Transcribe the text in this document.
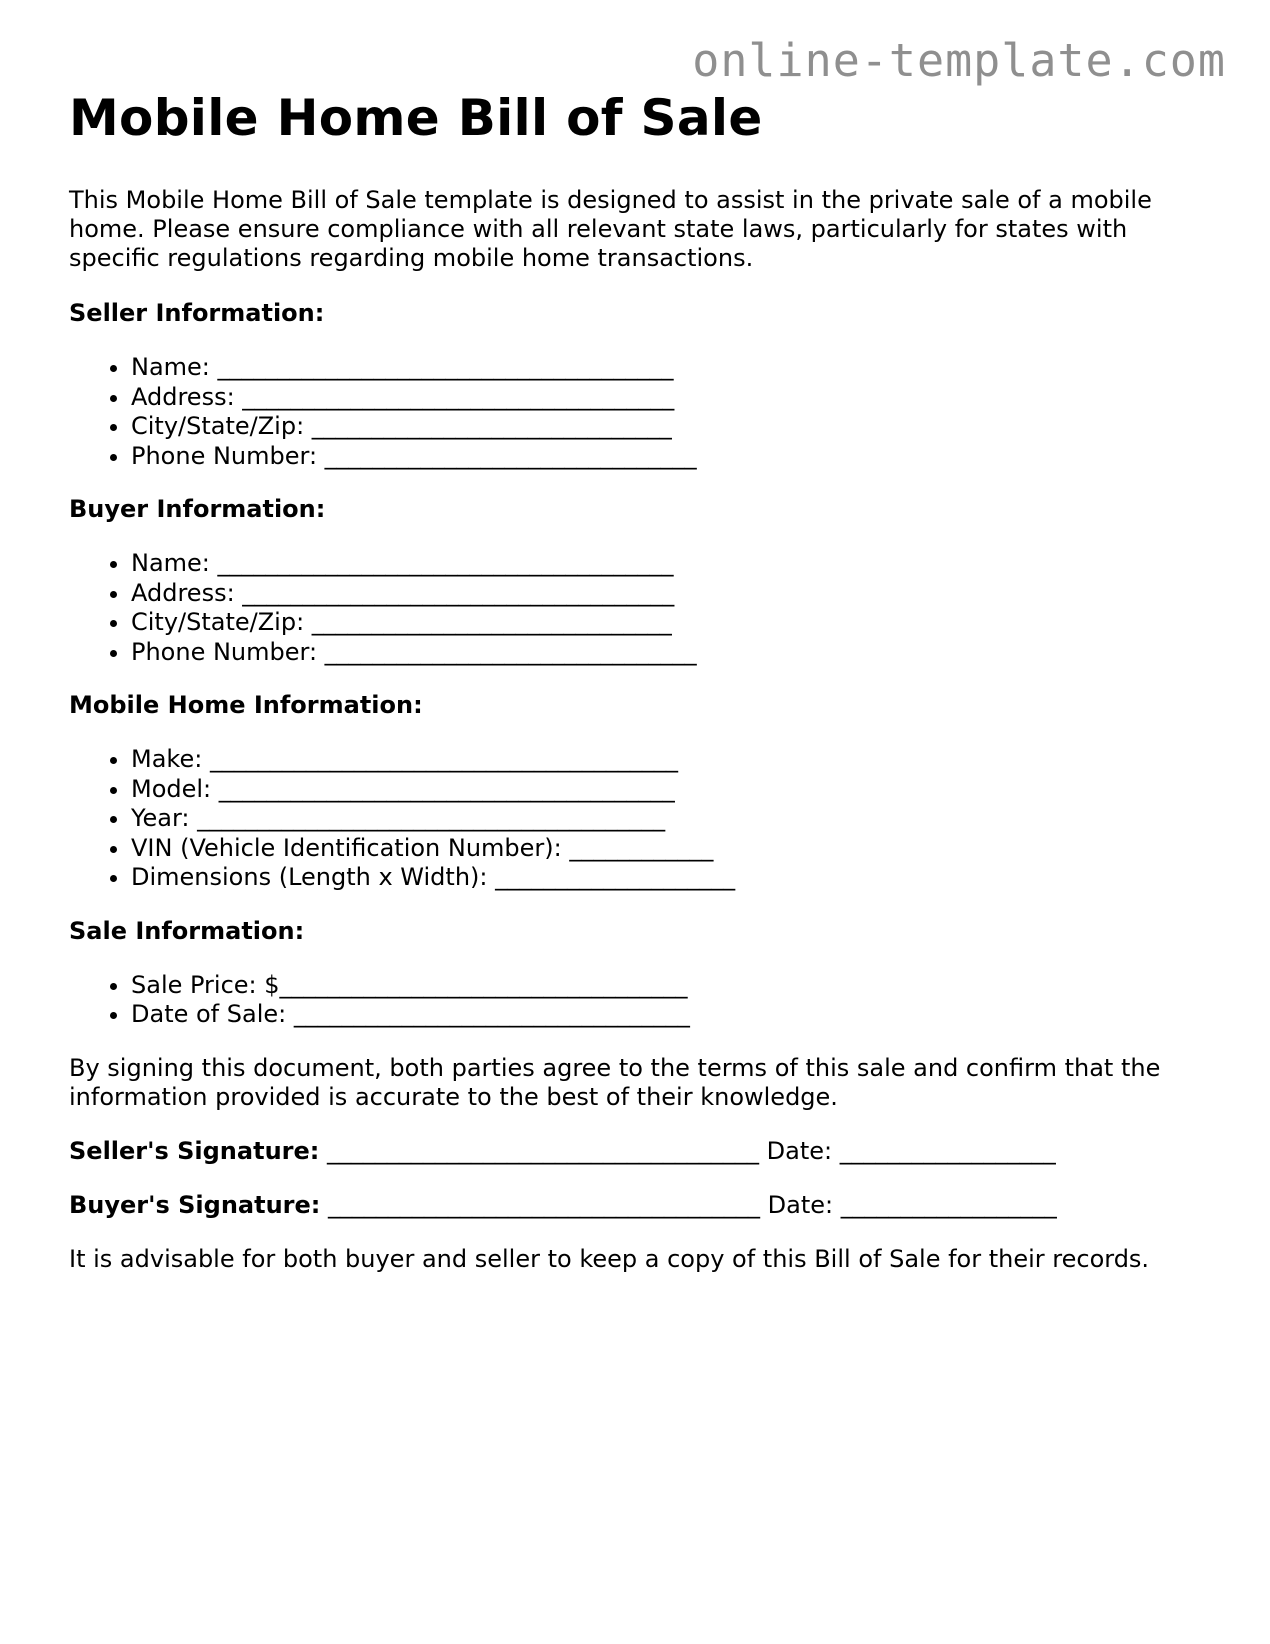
online-template.com
Mobile Home Bill of Sale

This Mobile Home Bill of Sale template is designed to assist in the private sale of a mobile home. Please ensure compliance with all relevant state laws, particularly for states with specific regulations regarding mobile home transactions.

Seller Information:
• Name: ______________________________________
• Address: ____________________________________
• City/State/Zip: ______________________________
• Phone Number: _______________________________
Buyer Information:
• Name: ______________________________________
• Address: ____________________________________
• City/State/Zip: ______________________________
• Phone Number: _______________________________
Mobile Home Information:
• Make: _______________________________________
• Model: ______________________________________
• Year: _______________________________________
• VIN (Vehicle Identification Number): ____________
• Dimensions (Length x Width): ____________________
Sale Information:
• Sale Price: $__________________________________
• Date of Sale: _________________________________

By signing this document, both parties agree to the terms of this sale and confirm that the information provided is accurate to the best of their knowledge.

Seller's Signature: ____________________________________ Date: __________________
Buyer's Signature: ____________________________________ Date: __________________

It is advisable for both buyer and seller to keep a copy of this Bill of Sale for their records.
